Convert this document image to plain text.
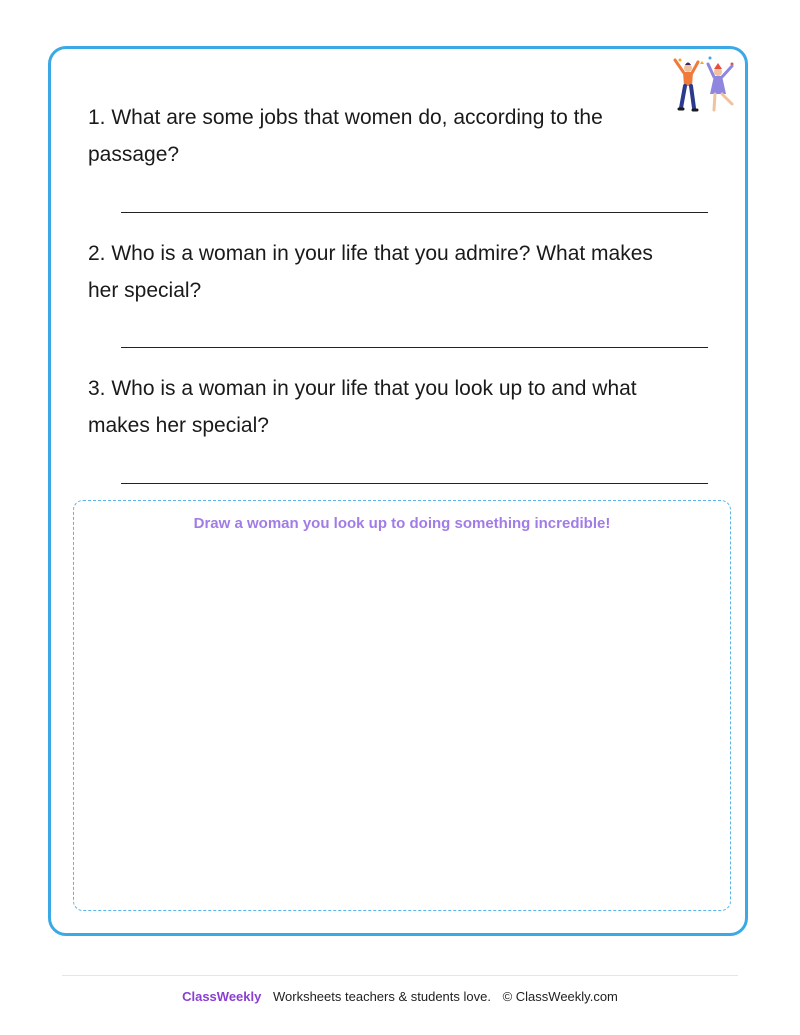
1. What are some jobs that women do, according to the passage?
2. Who is a woman in your life that you admire? What makes her special?
3. Who is a woman in your life that you look up to and what makes her special?
Draw a woman you look up to doing something incredible!
ClassWeekly Worksheets teachers & students love. © ClassWeekly.com
